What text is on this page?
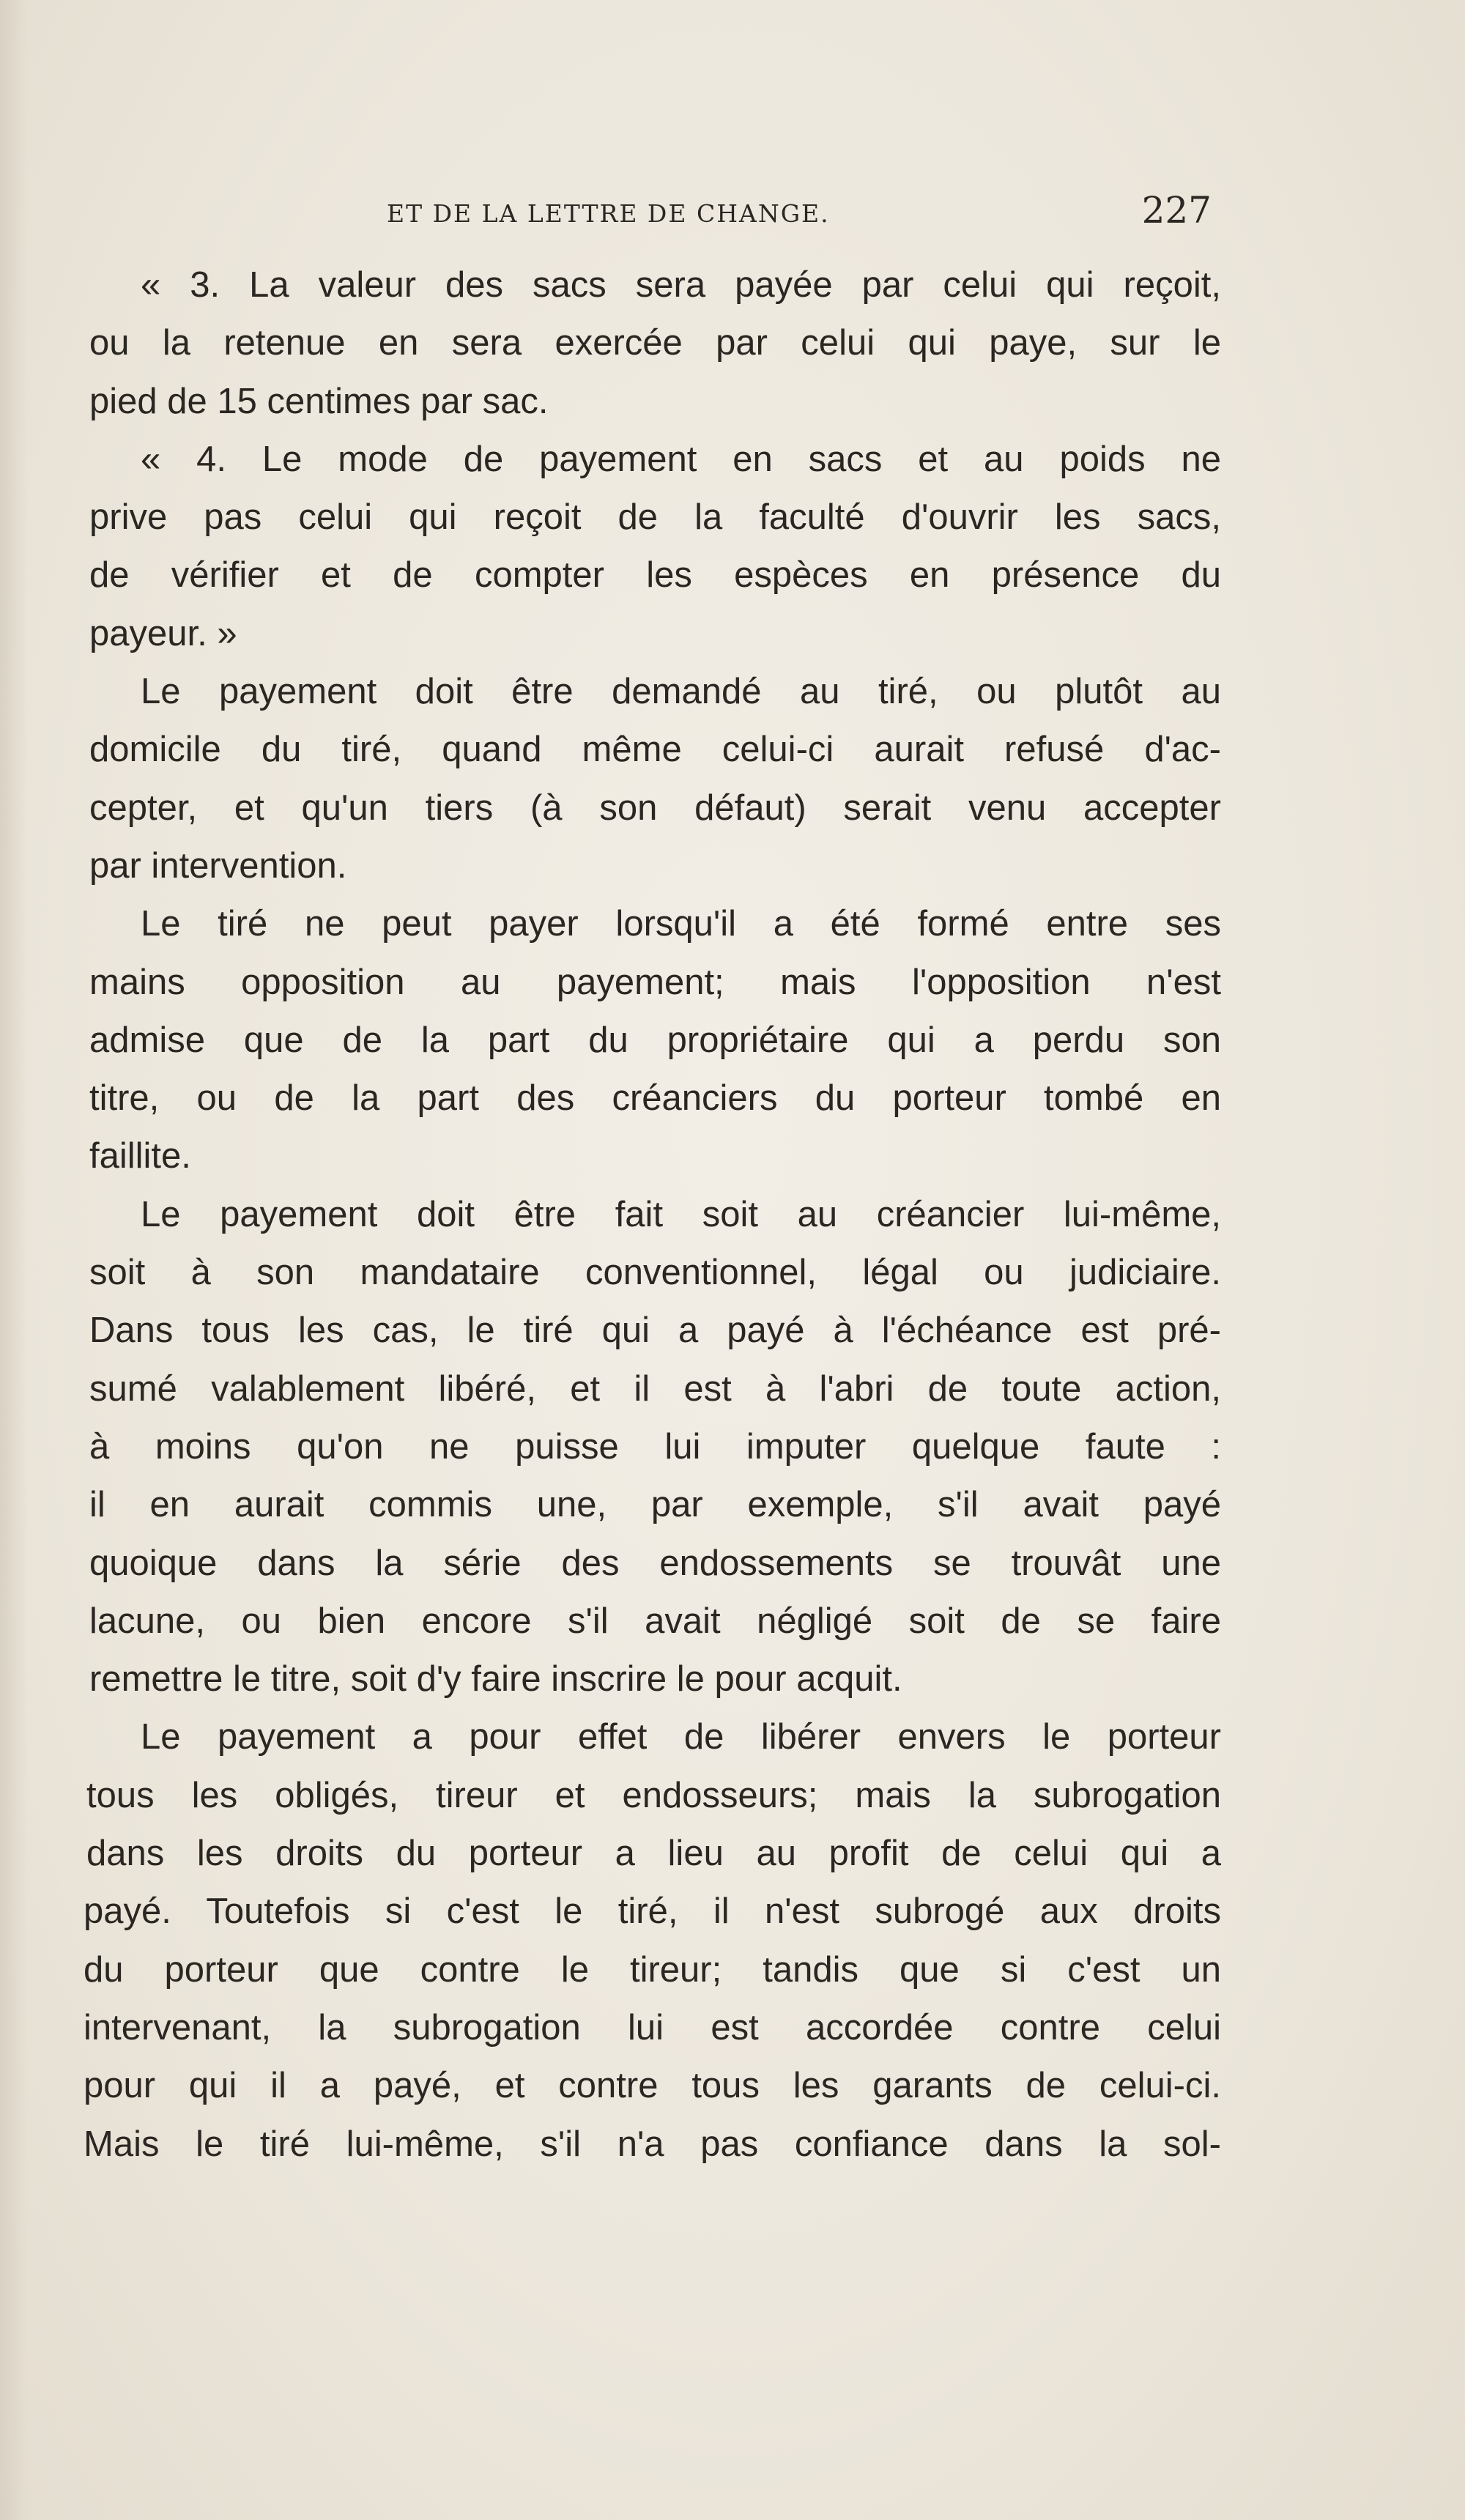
ET DE LA LETTRE DE CHANGE.	227
« 3. La valeur des sacs sera payée par celui qui reçoit,
ou la retenue en sera exercée par celui qui paye, sur le
pied de 15 centimes par sac.
« 4. Le mode de payement en sacs et au poids ne
prive pas celui qui reçoit de la faculté d'ouvrir les sacs,
de vérifier et de compter les espèces en présence du
payeur. »
Le payement doit être demandé au tiré, ou plutôt au
domicile du tiré, quand même celui-ci aurait refusé d'ac-
cepter, et qu'un tiers (à son défaut) serait venu accepter
par intervention.
Le tiré ne peut payer lorsqu'il a été formé entre ses
mains opposition au payement; mais l'opposition n'est
admise que de la part du propriétaire qui a perdu son
titre, ou de la part des créanciers du porteur tombé en
faillite.
Le payement doit être fait soit au créancier lui-même,
soit à son mandataire conventionnel, légal ou judiciaire.
Dans tous les cas, le tiré qui a payé à l'échéance est pré-
sumé valablement libéré, et il est à l'abri de toute action,
à moins qu'on ne puisse lui imputer quelque faute :
il en aurait commis une, par exemple, s'il avait payé
quoique dans la série des endossements se trouvât une
lacune, ou bien encore s'il avait négligé soit de se faire
remettre le titre, soit d'y faire inscrire le pour acquit.
Le payement a pour effet de libérer envers le porteur
tous les obligés, tireur et endosseurs; mais la subrogation
dans les droits du porteur a lieu au profit de celui qui a
payé. Toutefois si c'est le tiré, il n'est subrogé aux droits
du porteur que contre le tireur; tandis que si c'est un
intervenant, la subrogation lui est accordée contre celui
pour qui il a payé, et contre tous les garants de celui-ci.
Mais le tiré lui-même, s'il n'a pas confiance dans la sol-
